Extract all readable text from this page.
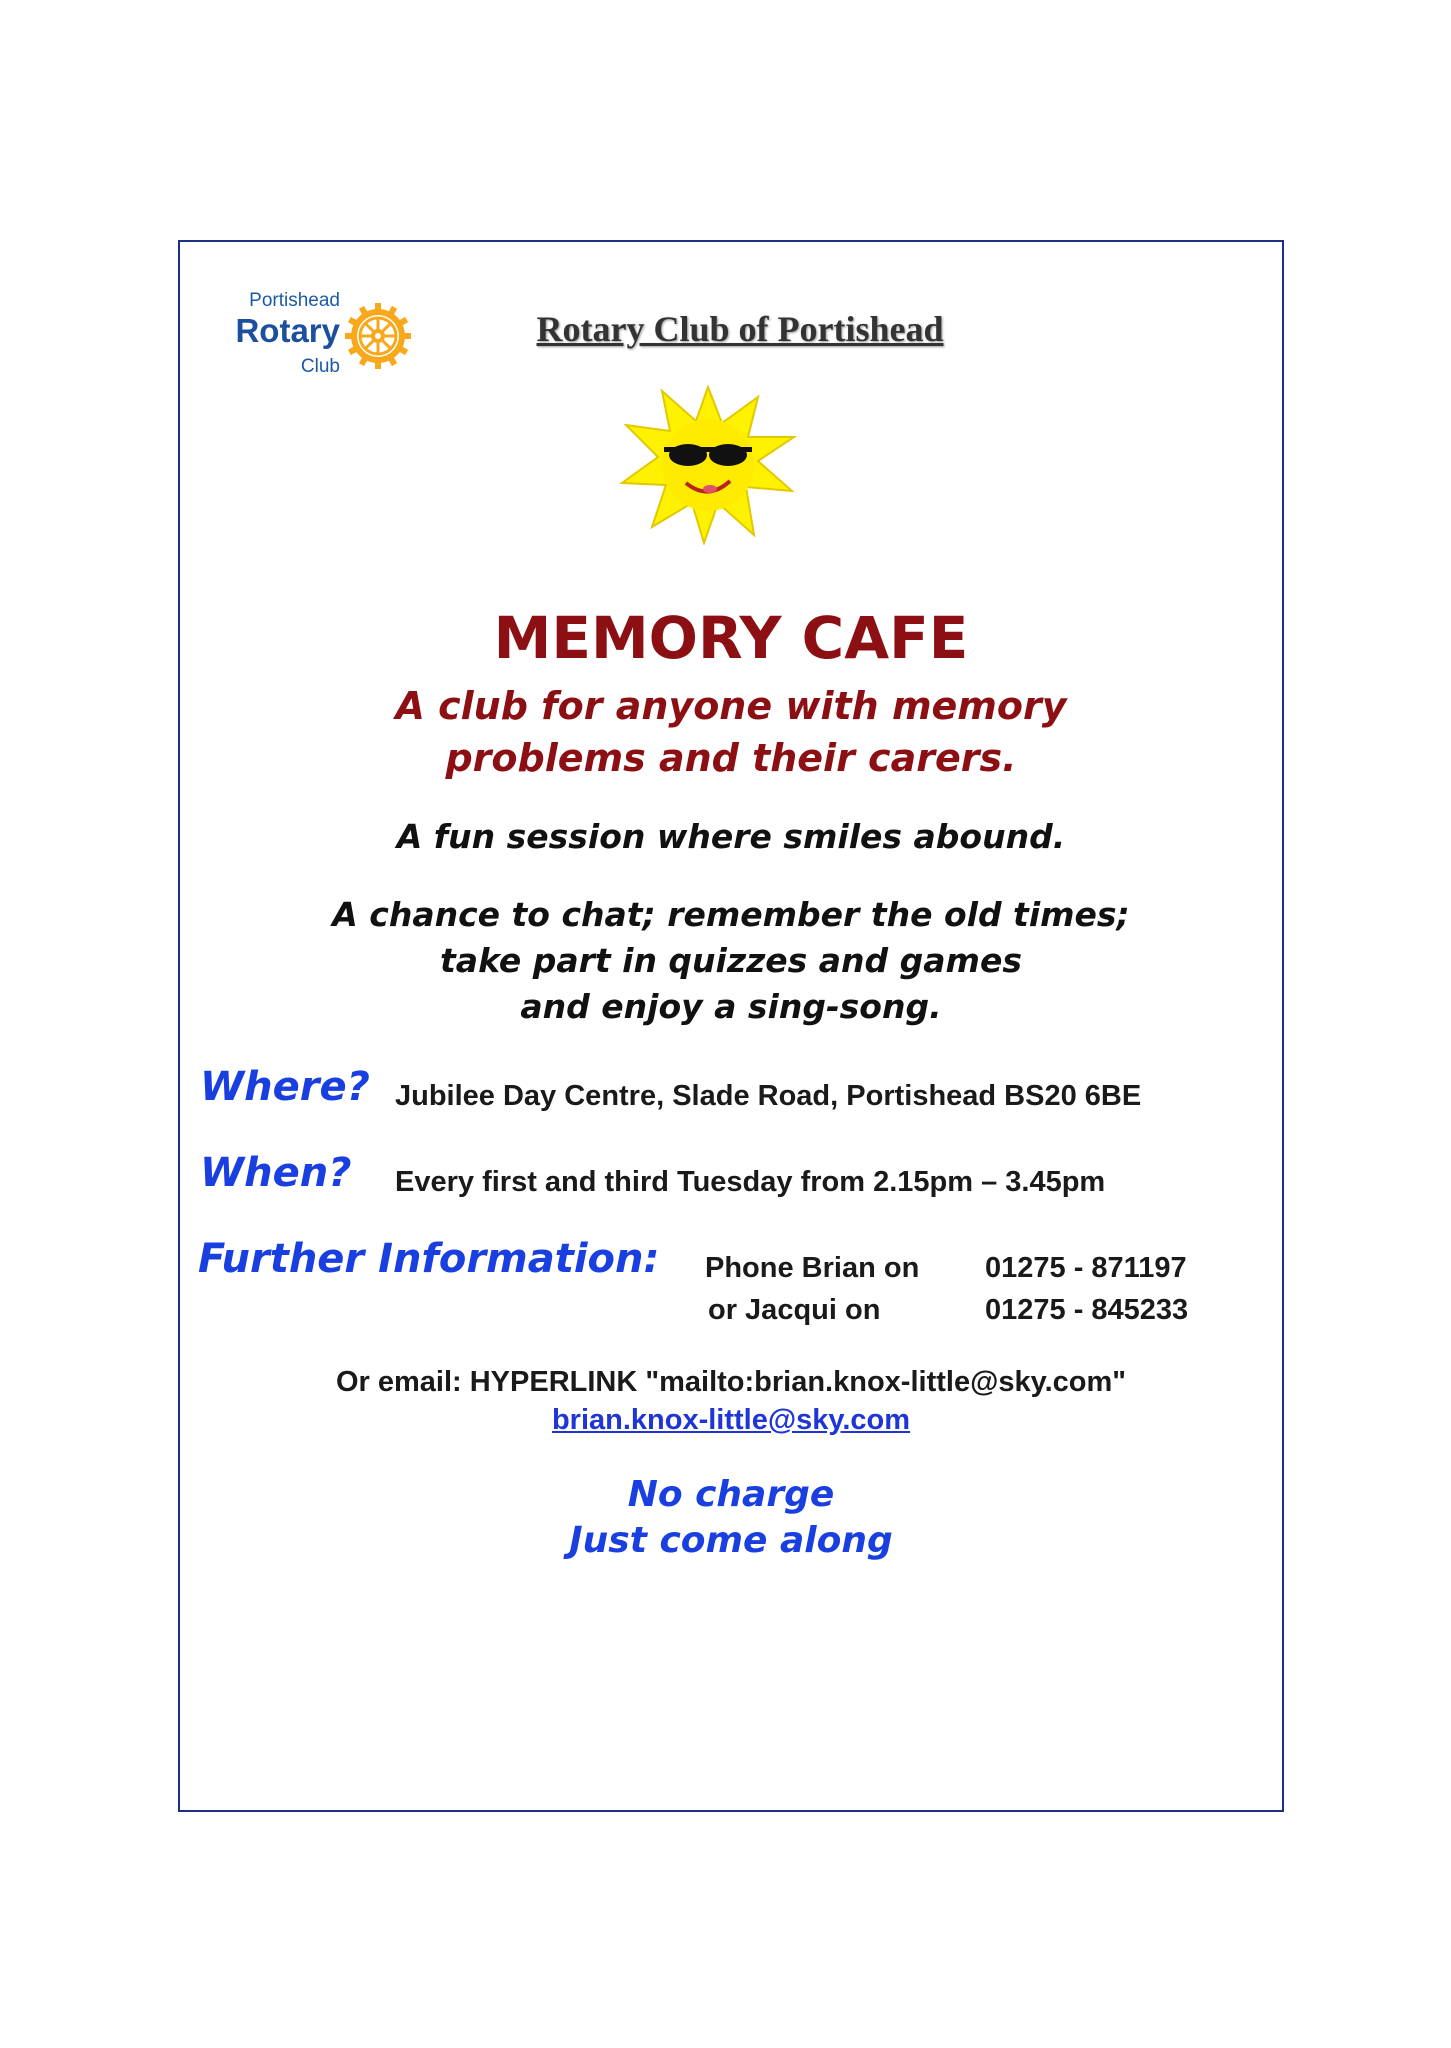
Portishead
Rotary
Club
Rotary Club of Portishead
MEMORY CAFE
A club for anyone with memory
problems and their carers.
A fun session where smiles abound.
A chance to chat; remember the old times;
take part in quizzes and games
and enjoy a sing-song.
Where? Jubilee Day Centre, Slade Road, Portishead BS20 6BE
When? Every first and third Tuesday from 2.15pm – 3.45pm
Further Information: Phone Brian on 01275 - 871197
or Jacqui on	01275 - 845233
Or email: HYPERLINK "mailto:brian.knox-little@sky.com"
brian.knox-little@sky.com
No charge
Just come along
